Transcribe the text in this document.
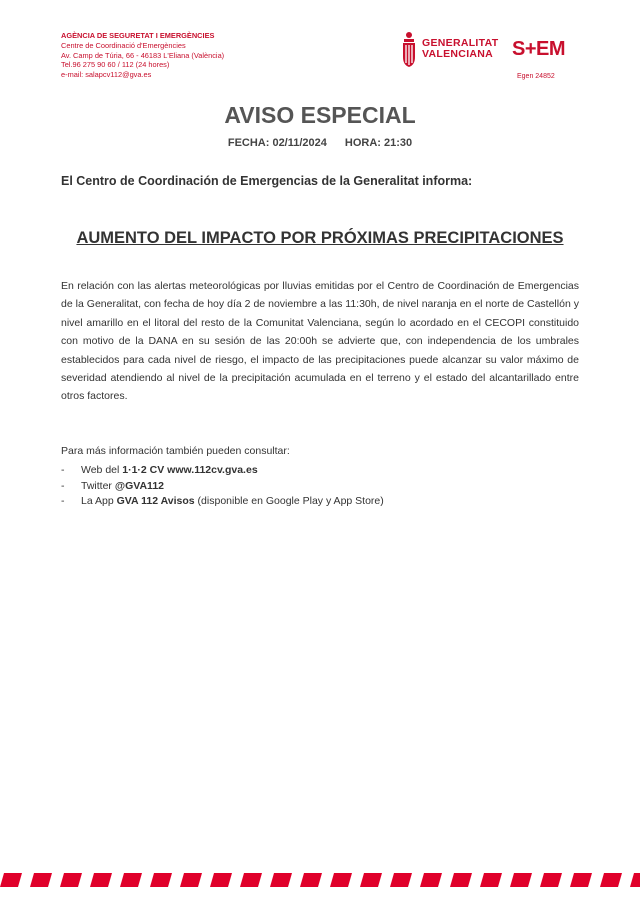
AGÈNCIA DE SEGURETAT I EMERGÈNCIES
Centre de Coordinació d'Emergències
Av. Camp de Túria, 66 - 46183 L'Eliana (València)
Tel.96 275 90 60 / 112 (24 hores)
e-mail: salapcv112@gva.es
GENERALITAT
VALENCIANA S+EM
Egen 24852
AVISO ESPECIAL
FECHA: 02/11/2024 HORA: 21:30
El Centro de Coordinación de Emergencias de la Generalitat informa:
AUMENTO DEL IMPACTO POR PRÓXIMAS PRECIPITACIONES

En relación con las alertas meteorológicas por lluvias emitidas por el Centro de Coordinación de Emergencias de la Generalitat, con fecha de hoy día 2 de noviembre a las 11:30h, de nivel naranja en el norte de Castellón y nivel amarillo en el litoral del resto de la Comunitat Valenciana, según lo acordado en el CECOPI constituido con motivo de la DANA en su sesión de las 20:00h se advierte que, con independencia de los umbrales establecidos para cada nivel de riesgo, el impacto de las precipitaciones puede alcanzar su valor máximo de severidad atendiendo al nivel de la precipitación acumulada en el terreno y el estado del alcantarillado entre otros factores.

Para más información también pueden consultar:
-	Web del 1·1·2 CV www.112cv.gva.es
-	Twitter @GVA112
-	La App GVA 112 Avisos (disponible en Google Play y App Store)
